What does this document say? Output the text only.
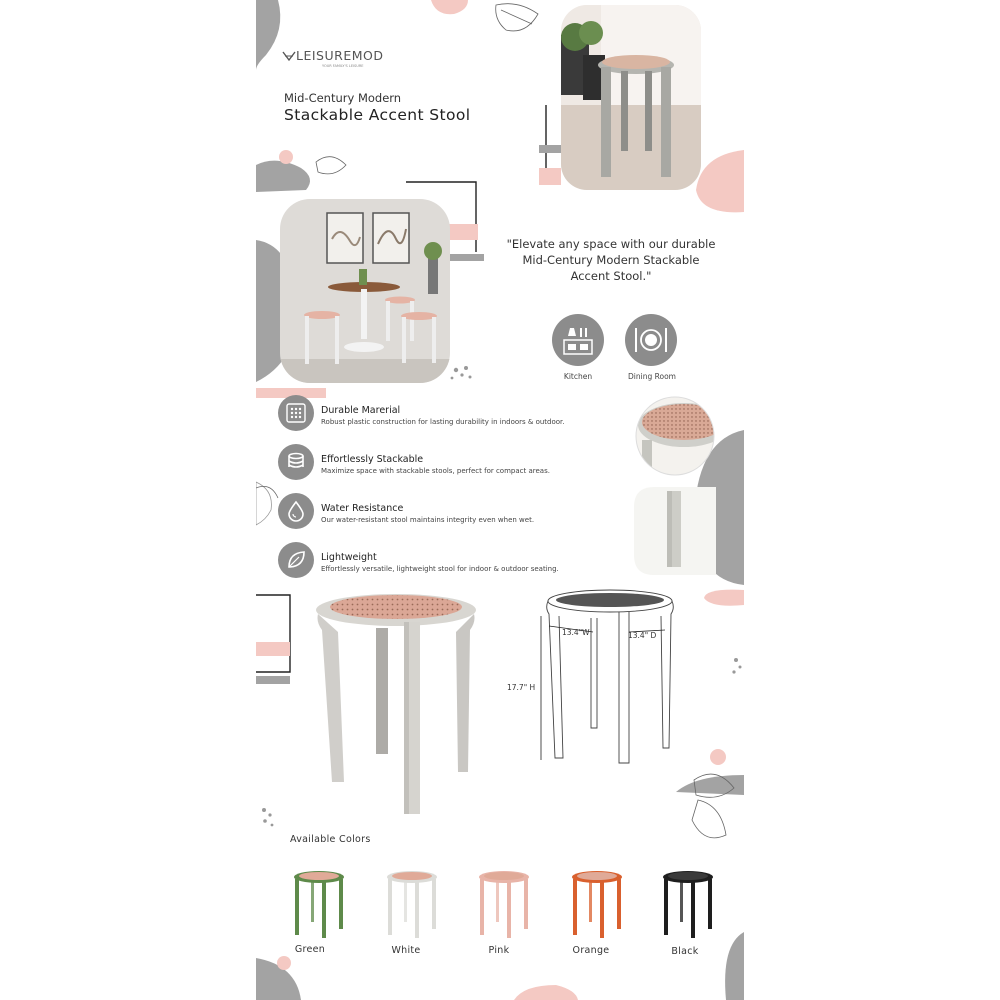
LEISUREMOD
YOUR FAMILY'S LEISURE
Mid-Century Modern
Stackable Accent Stool
"Elevate any space with our durable Mid-Century Modern Stackable Accent Stool."
Kitchen	Dining Room
Durable Marerial
Robust plastic construction for lasting durability in indoors & outdoor.
Effortlessly Stackable
Maximize space with stackable stools, perfect for compact areas.
Water Resistance
Our water-resistant stool maintains integrity even when wet.
Lightweight
Effortlessly versatile, lightweight stool for indoor & outdoor seating.
13.4"W	13.4" D
17.7" H
Available Colors
Green	White	Pink	Orange	Black
